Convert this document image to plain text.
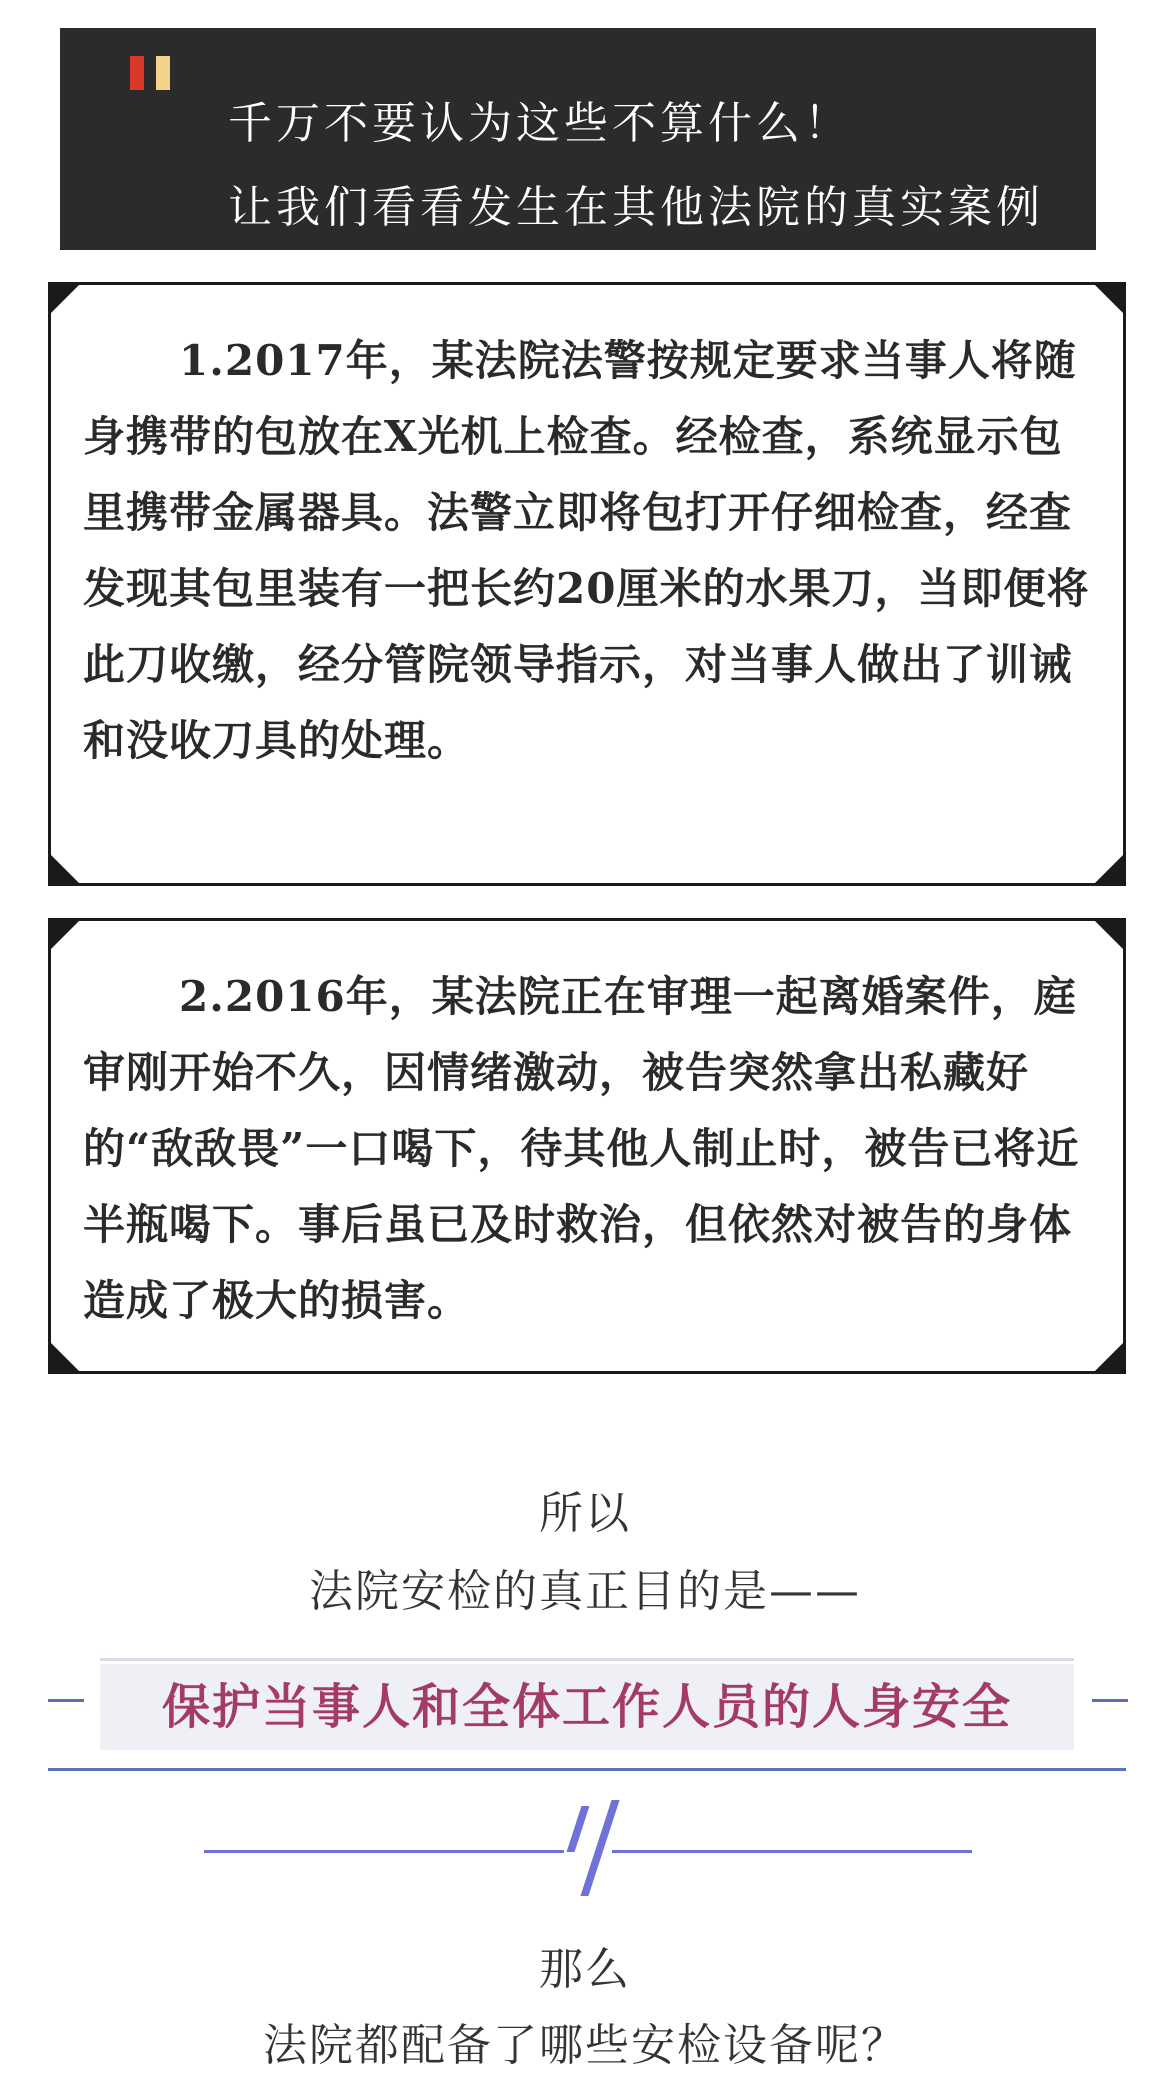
千万不要认为这些不算什么！
让我们看看发生在其他法院的真实案例
1.2017年，某法院法警按规定要求当事人将随身携带的包放在X光机上检查。经检查，系统显示包里携带金属器具。法警立即将包打开仔细检查，经查发现其包里装有一把长约20厘米的水果刀，当即便将此刀收缴，经分管院领导指示，对当事人做出了训诫和没收刀具的处理。
2.2016年，某法院正在审理一起离婚案件，庭审刚开始不久，因情绪激动，被告突然拿出私藏好的“敌敌畏”一口喝下，待其他人制止时，被告已将近半瓶喝下。事后虽已及时救治，但依然对被告的身体造成了极大的损害。
所以
法院安检的真正目的是——
保护当事人和全体工作人员的人身安全
那么
法院都配备了哪些安检设备呢？
